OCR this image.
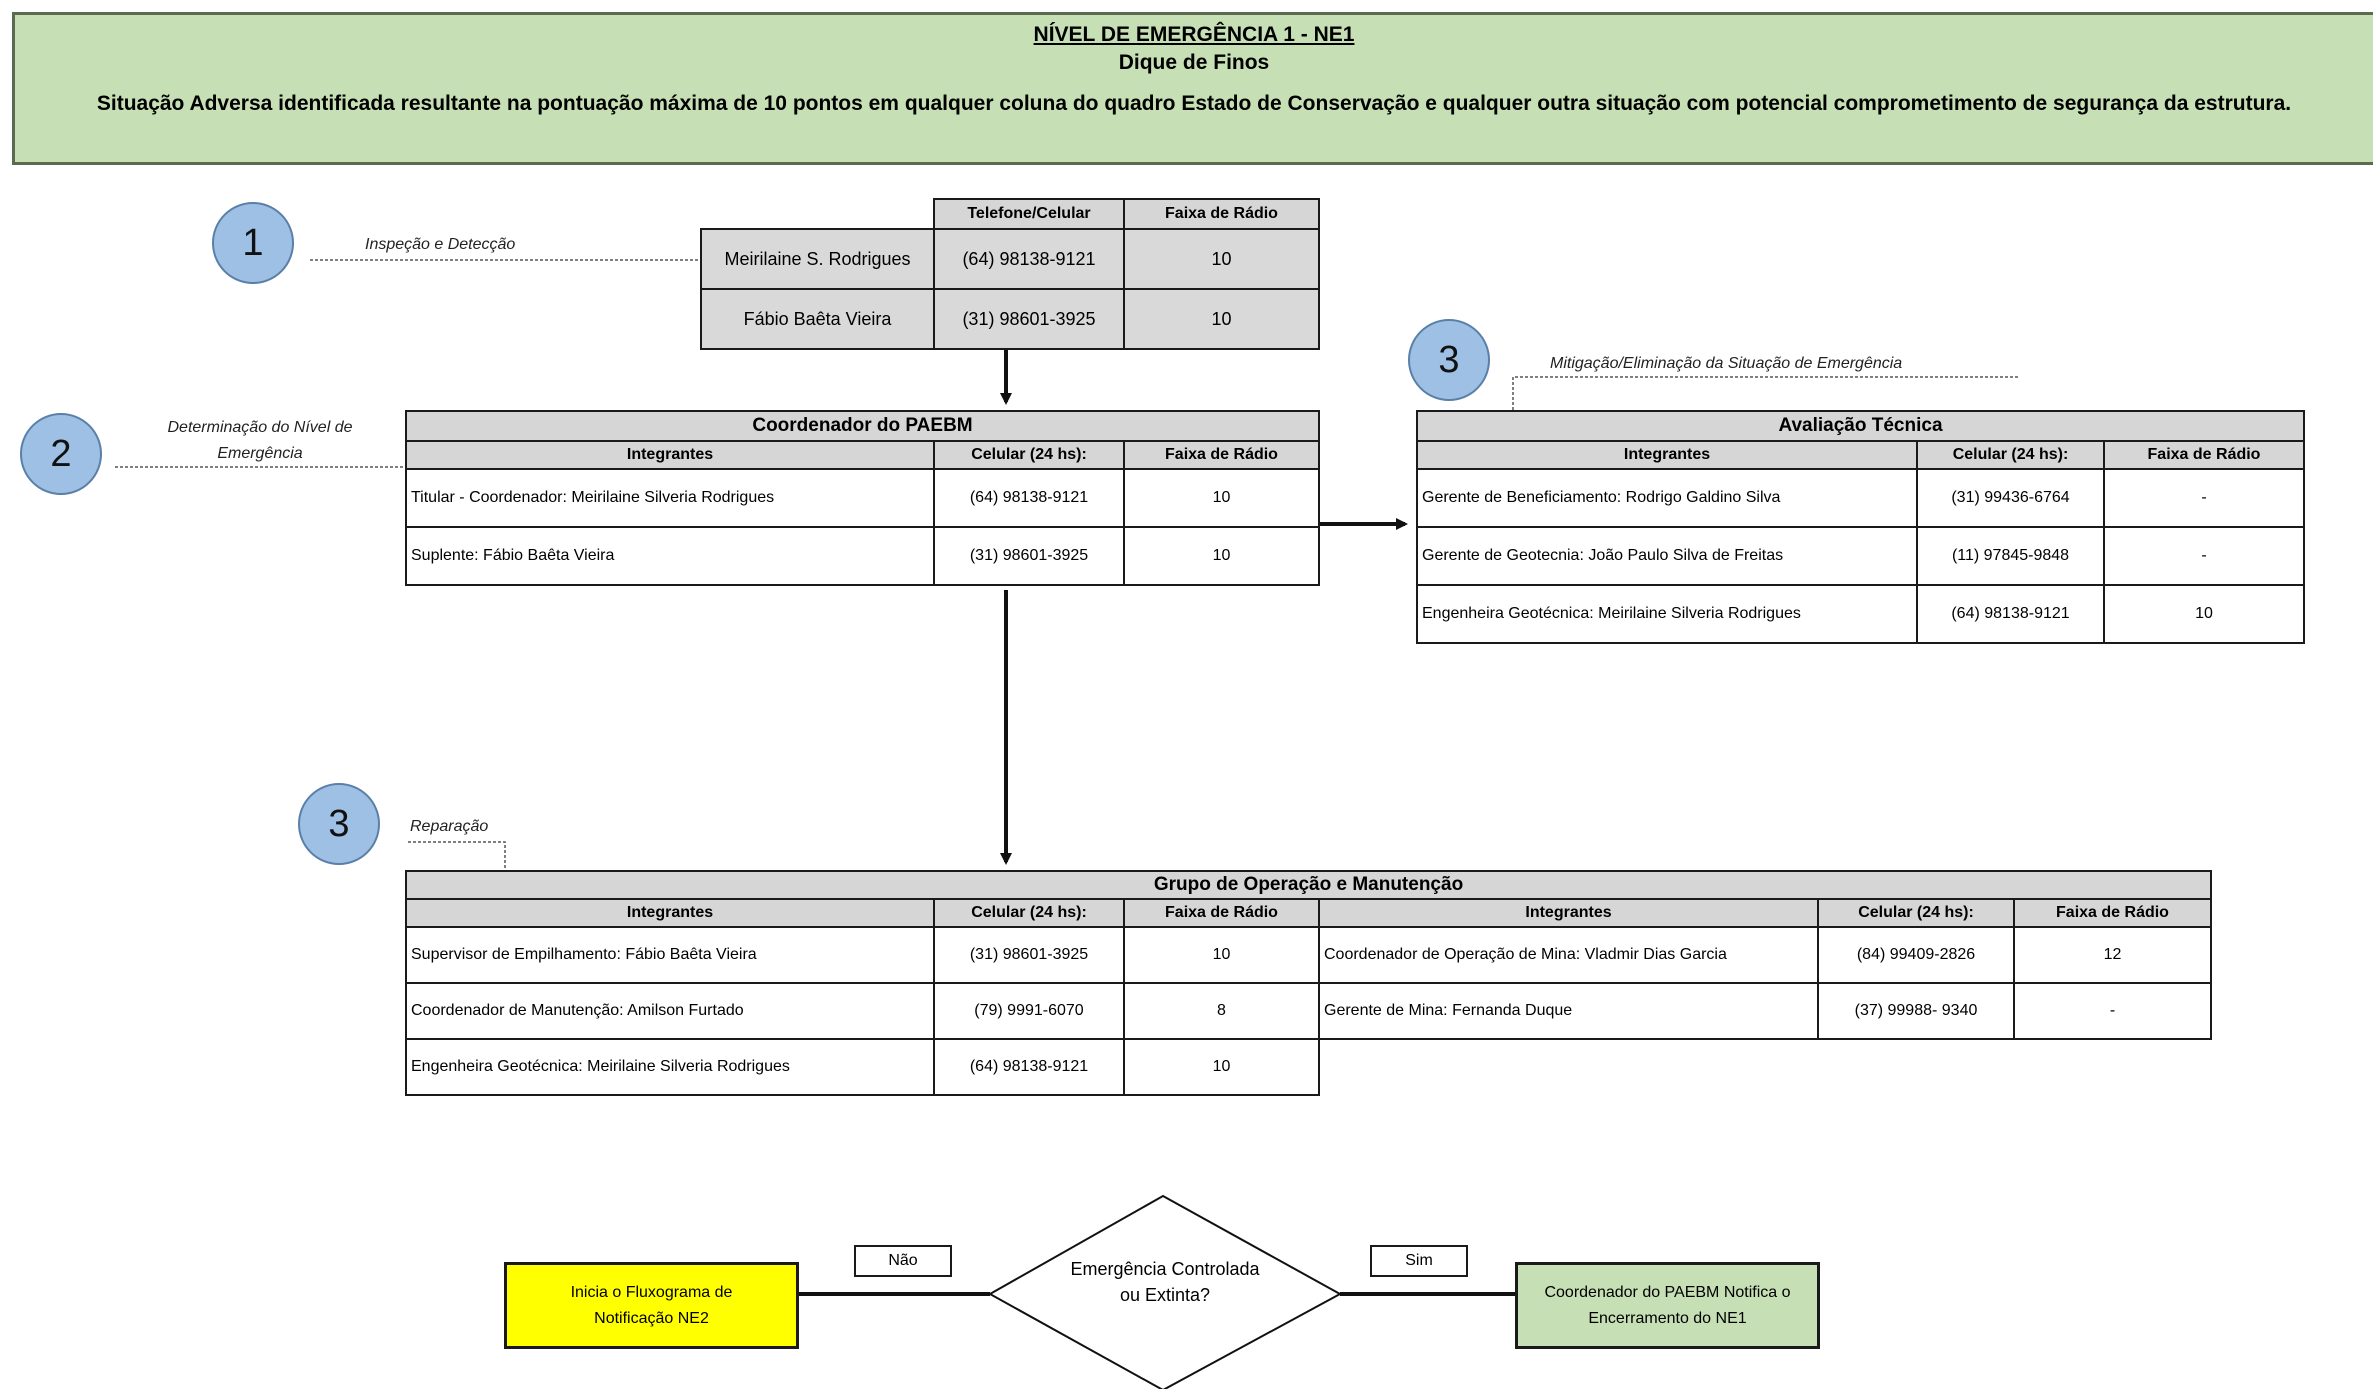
NÍVEL DE EMERGÊNCIA 1 - NE1
Dique de Finos
Situação Adversa identificada resultante na pontuação máxima de 10 pontos em qualquer coluna do quadro Estado de Conservação e qualquer outra situação com potencial comprometimento de segurança da estrutura.
1	Inspeção e Detecção
2
Determinação do Nível de Emergência
3	Mitigação/Eliminação da Situação de Emergência
3	Reparação
	Telefone/Celular	Faixa de Rádio
Meirilaine S. Rodrigues	(64) 98138-9121	10
Fábio Baêta Vieira	(31) 98601-3925	10
Coordenador do PAEBM		
Integrantes	Celular (24 hs):	Faixa de Rádio
Titular - Coordenador: Meirilaine Silveria Rodrigues	(64) 98138-9121	10
Suplente: Fábio Baêta Vieira	(31) 98601-3925	10
Avaliação Técnica		
Integrantes	Celular (24 hs):	Faixa de Rádio
Gerente de Beneficiamento: Rodrigo Galdino Silva	(31) 99436-6764	-
Gerente de Geotecnia: João Paulo Silva de Freitas	(11) 97845-9848	-
Engenheira Geotécnica: Meirilaine Silveria Rodrigues	(64) 98138-9121	10
Grupo de Operação e Manutenção					
Integrantes	Celular (24 hs):	Faixa de Rádio	Integrantes	Celular (24 hs):	Faixa de Rádio
Supervisor de Empilhamento: Fábio Baêta Vieira	(31) 98601-3925	10	Coordenador de Operação de Mina: Vladmir Dias Garcia	(84) 99409-2826	12
Coordenador de Manutenção: Amilson Furtado	(79) 9991-6070	8	Gerente de Mina: Fernanda Duque	(37) 99988- 9340	-
Engenheira Geotécnica: Meirilaine Silveria Rodrigues	(64) 98138-9121	10			
Inicia o Fluxograma de Notificação NE2
Coordenador do PAEBM Notifica o Encerramento do NE1
Não	Sim
Emergência Controlada ou Extinta?
